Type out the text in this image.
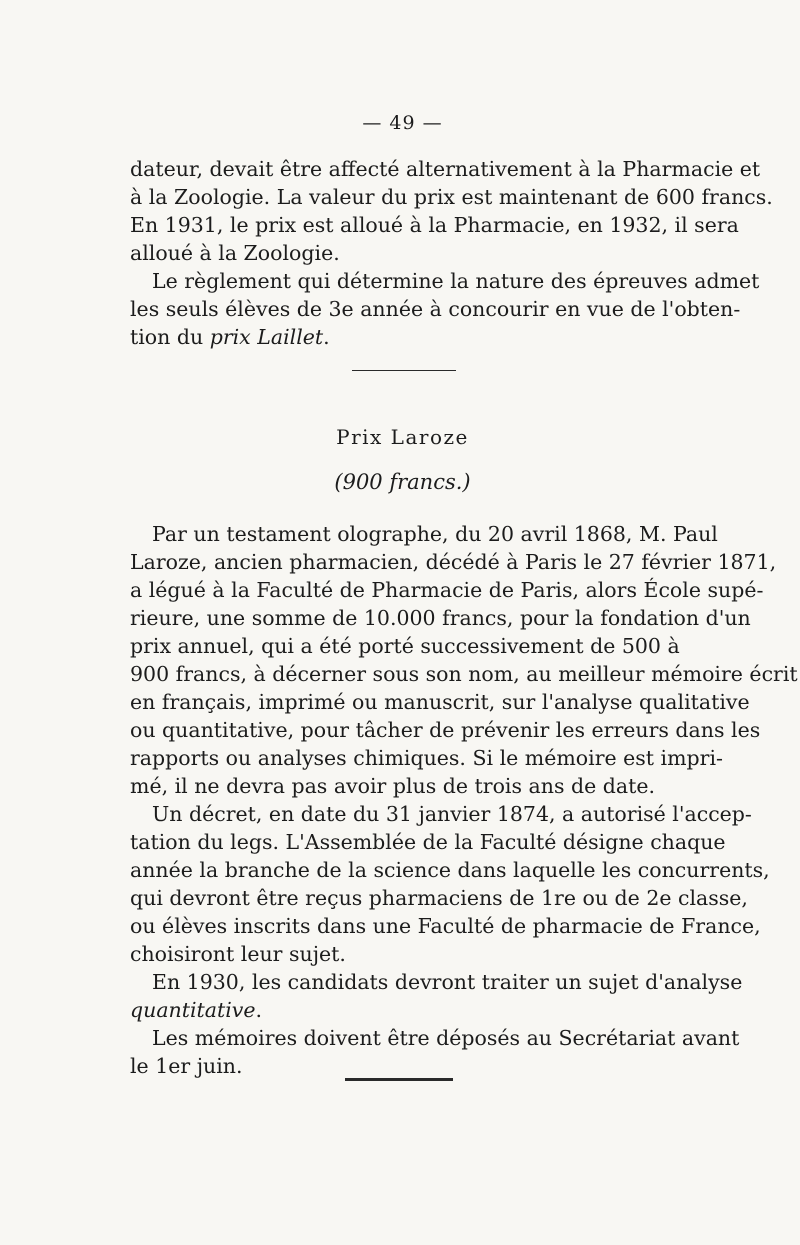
— 49 —
dateur, devait être affecté alternativement à la Pharmacie et
à la Zoologie. La valeur du prix est maintenant de 600 francs.
En 1931, le prix est alloué à la Pharmacie, en 1932, il sera
alloué à la Zoologie.
Le règlement qui détermine la nature des épreuves admet
les seuls élèves de 3e année à concourir en vue de l'obten-
tion du prix Laillet.
Prix Laroze
(900 francs.)
Par un testament olographe, du 20 avril 1868, M. Paul
Laroze, ancien pharmacien, décédé à Paris le 27 février 1871,
a légué à la Faculté de Pharmacie de Paris, alors École supé-
rieure, une somme de 10.000 francs, pour la fondation d'un
prix annuel, qui a été porté successivement de 500 à
900 francs, à décerner sous son nom, au meilleur mémoire écrit
en français, imprimé ou manuscrit, sur l'analyse qualitative
ou quantitative, pour tâcher de prévenir les erreurs dans les
rapports ou analyses chimiques. Si le mémoire est impri-
mé, il ne devra pas avoir plus de trois ans de date.
Un décret, en date du 31 janvier 1874, a autorisé l'accep-
tation du legs. L'Assemblée de la Faculté désigne chaque
année la branche de la science dans laquelle les concurrents,
qui devront être reçus pharmaciens de 1re ou de 2e classe,
ou élèves inscrits dans une Faculté de pharmacie de France,
choisiront leur sujet.
En 1930, les candidats devront traiter un sujet d'analyse
quantitative.
Les mémoires doivent être déposés au Secrétariat avant
le 1er juin.
